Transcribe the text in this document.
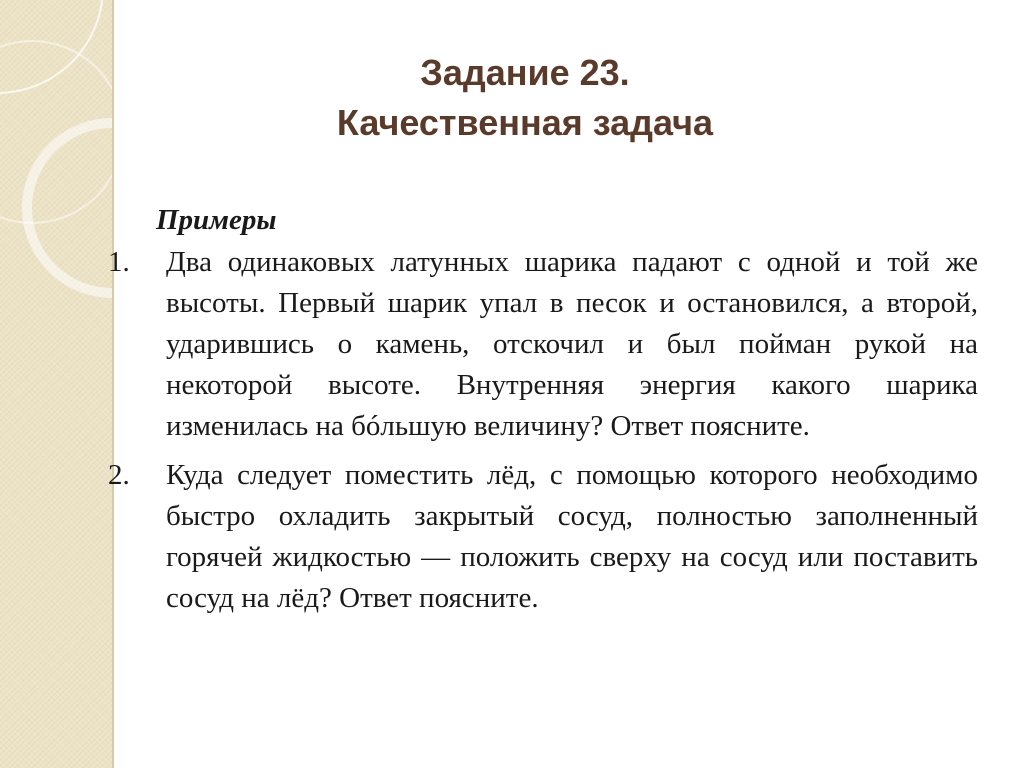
Задание 23.
Качественная задача
Примеры
1. Два одинаковых латунных шарика падают с одной и той же высоты. Первый шарик упал в песок и остановился, а второй, ударившись о камень, отскочил и был пойман рукой на некоторой высоте. Внутренняя энергия какого шарика изменилась на бóльшую величину? Ответ поясните.
2. Куда следует поместить лёд, с помощью которого необходимо быстро охладить закрытый сосуд, полностью заполненный горячей жидкостью — положить сверху на сосуд или поставить сосуд на лёд? Ответ поясните.
